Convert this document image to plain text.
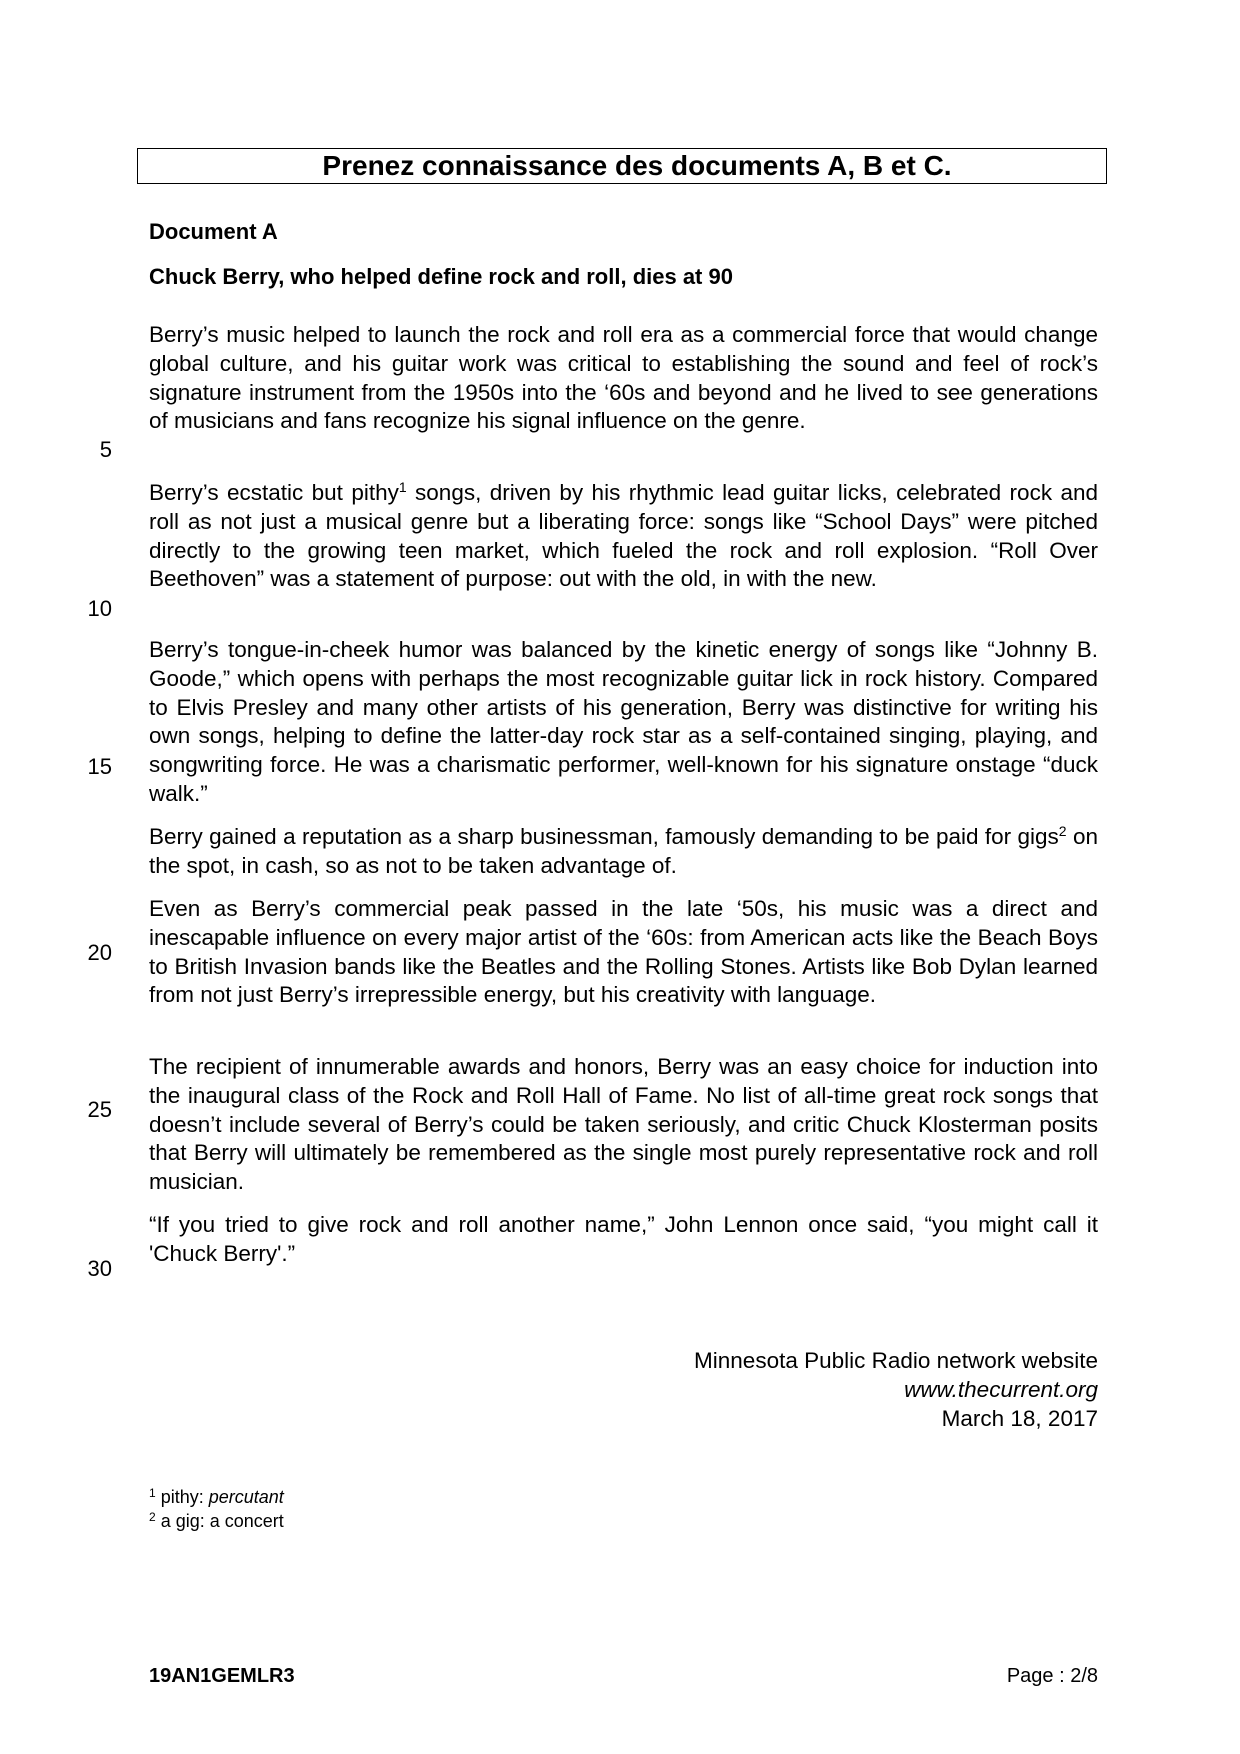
Prenez connaissance des documents A, B et C.
Document A
Chuck Berry, who helped define rock and roll, dies at 90

Berry’s music helped to launch the rock and roll era as a commercial force that would change global culture, and his guitar work was critical to establishing the sound and feel of rock’s signature instrument from the 1950s into the ‘60s and beyond and he lived to see generations of musicians and fans recognize his signal influence on the genre.

Berry’s ecstatic but pithy$^1$ songs, driven by his rhythmic lead guitar licks, celebrated rock and roll as not just a musical genre but a liberating force: songs like “School Days” were pitched directly to the growing teen market, which fueled the rock and roll explosion. “Roll Over Beethoven” was a statement of purpose: out with the old, in with the new.

Berry’s tongue-in-cheek humor was balanced by the kinetic energy of songs like “Johnny B. Goode,” which opens with perhaps the most recognizable guitar lick in rock history. Compared to Elvis Presley and many other artists of his generation, Berry was distinctive for writing his own songs, helping to define the latter-day rock star as a self-contained singing, playing, and songwriting force. He was a charismatic performer, well-known for his signature onstage “duck walk.”

Berry gained a reputation as a sharp businessman, famously demanding to be paid for gigs$^2$ on the spot, in cash, so as not to be taken advantage of.

Even as Berry’s commercial peak passed in the late ‘50s, his music was a direct and inescapable influence on every major artist of the ‘60s: from American acts like the Beach Boys to British Invasion bands like the Beatles and the Rolling Stones. Artists like Bob Dylan learned from not just Berry’s irrepressible energy, but his creativity with language.

The recipient of innumerable awards and honors, Berry was an easy choice for induction into the inaugural class of the Rock and Roll Hall of Fame. No list of all-time great rock songs that doesn’t include several of Berry’s could be taken seriously, and critic Chuck Klosterman posits that Berry will ultimately be remembered as the single most purely representative rock and roll musician.

“If you tried to give rock and roll another name,” John Lennon once said, “you might call it 'Chuck Berry'.”

5
10
15
20
25
30
Minnesota Public Radio network website
www.thecurrent.org
March 18, 2017
$^1$ pithy: percutant
$^2$ a gig: a concert
19AN1GEMLR3	Page : 2/8
